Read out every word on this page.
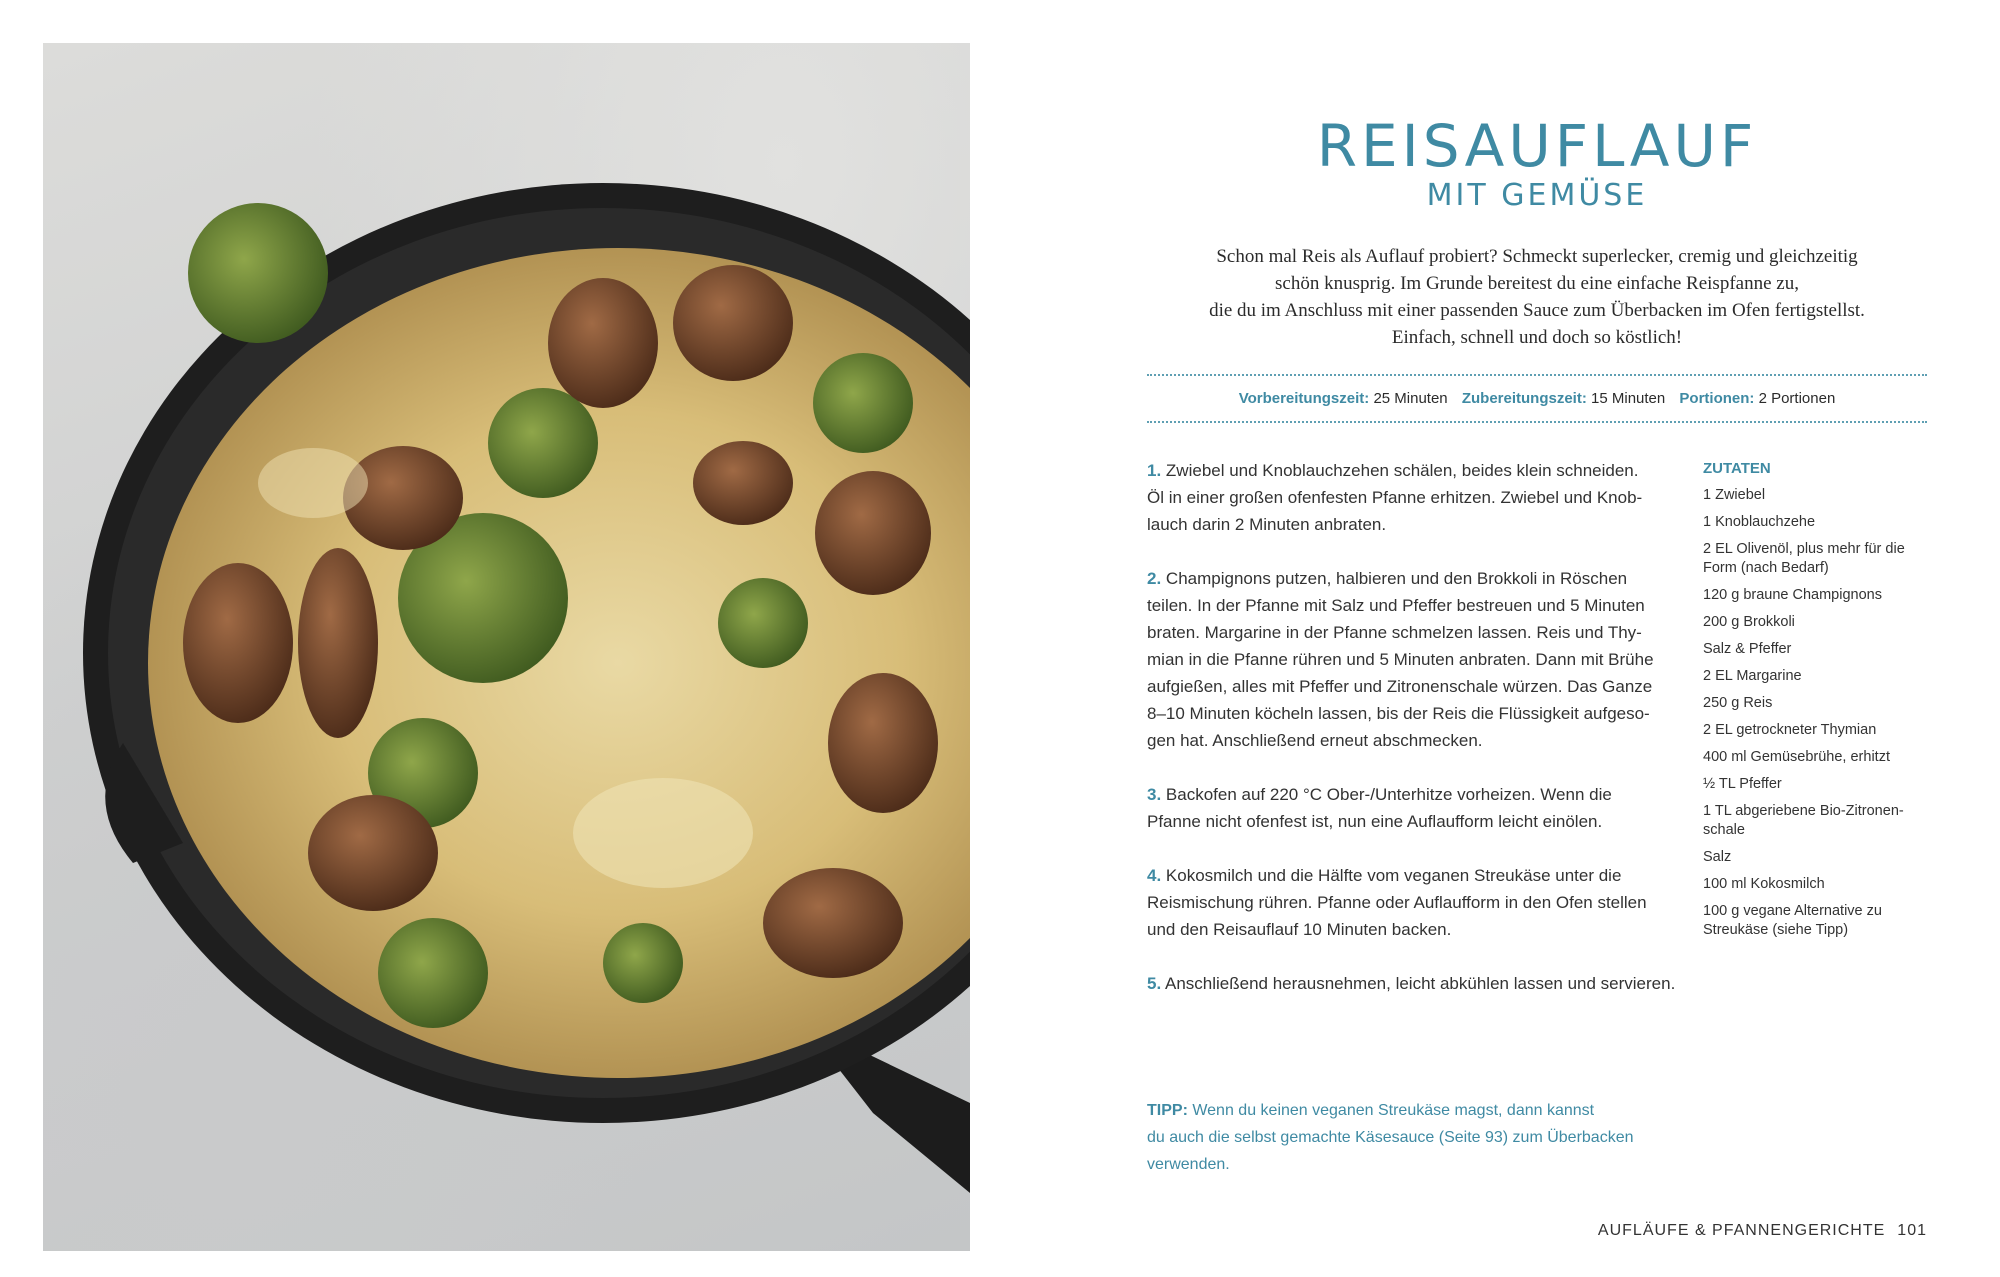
REISAUFLAUF
MIT GEMÜSE
Schon mal Reis als Auflauf probiert? Schmeckt superlecker, cremig und gleichzeitig
schön knusprig. Im Grunde bereitest du eine einfache Reispfanne zu,
die du im Anschluss mit einer passenden Sauce zum Überbacken im Ofen fertigstellst.
Einfach, schnell und doch so köstlich!
Vorbereitungszeit: 25 Minuten Zubereitungszeit: 15 Minuten Portionen: 2 Portionen
1. Zwiebel und Knoblauchzehen schälen, beides klein schneiden.
Öl in einer großen ofenfesten Pfanne erhitzen. Zwiebel und Knob-
lauch darin 2 Minuten anbraten.
2. Champignons putzen, halbieren und den Brokkoli in Röschen
teilen. In der Pfanne mit Salz und Pfeffer bestreuen und 5 Minuten
braten. Margarine in der Pfanne schmelzen lassen. Reis und Thy-
mian in die Pfanne rühren und 5 Minuten anbraten. Dann mit Brühe
aufgießen, alles mit Pfeffer und Zitronenschale würzen. Das Ganze
8–10 Minuten köcheln lassen, bis der Reis die Flüssigkeit aufgeso-
gen hat. Anschließend erneut abschmecken.
3. Backofen auf 220 °C Ober-/Unterhitze vorheizen. Wenn die
Pfanne nicht ofenfest ist, nun eine Auflaufform leicht einölen.
4. Kokosmilch und die Hälfte vom veganen Streukäse unter die
Reismischung rühren. Pfanne oder Auflaufform in den Ofen stellen
und den Reisauflauf 10 Minuten backen.
5. Anschließend herausnehmen, leicht abkühlen lassen und servieren.
ZUTATEN
1 Zwiebel
1 Knoblauchzehe
2 EL Olivenöl, plus mehr für die
Form (nach Bedarf)
120 g braune Champignons
200 g Brokkoli
Salz & Pfeffer
2 EL Margarine
250 g Reis
2 EL getrockneter Thymian
400 ml Gemüsebrühe, erhitzt
½ TL Pfeffer
1 TL abgeriebene Bio-Zitronen-
schale
Salz
100 ml Kokosmilch
100 g vegane Alternative zu
Streukäse (siehe Tipp)
TIPP: Wenn du keinen veganen Streukäse magst, dann kannst
du auch die selbst gemachte Käsesauce (Seite 93) zum Überbacken
verwenden.
AUFLÄUFE & PFANNENGERICHTE 101
